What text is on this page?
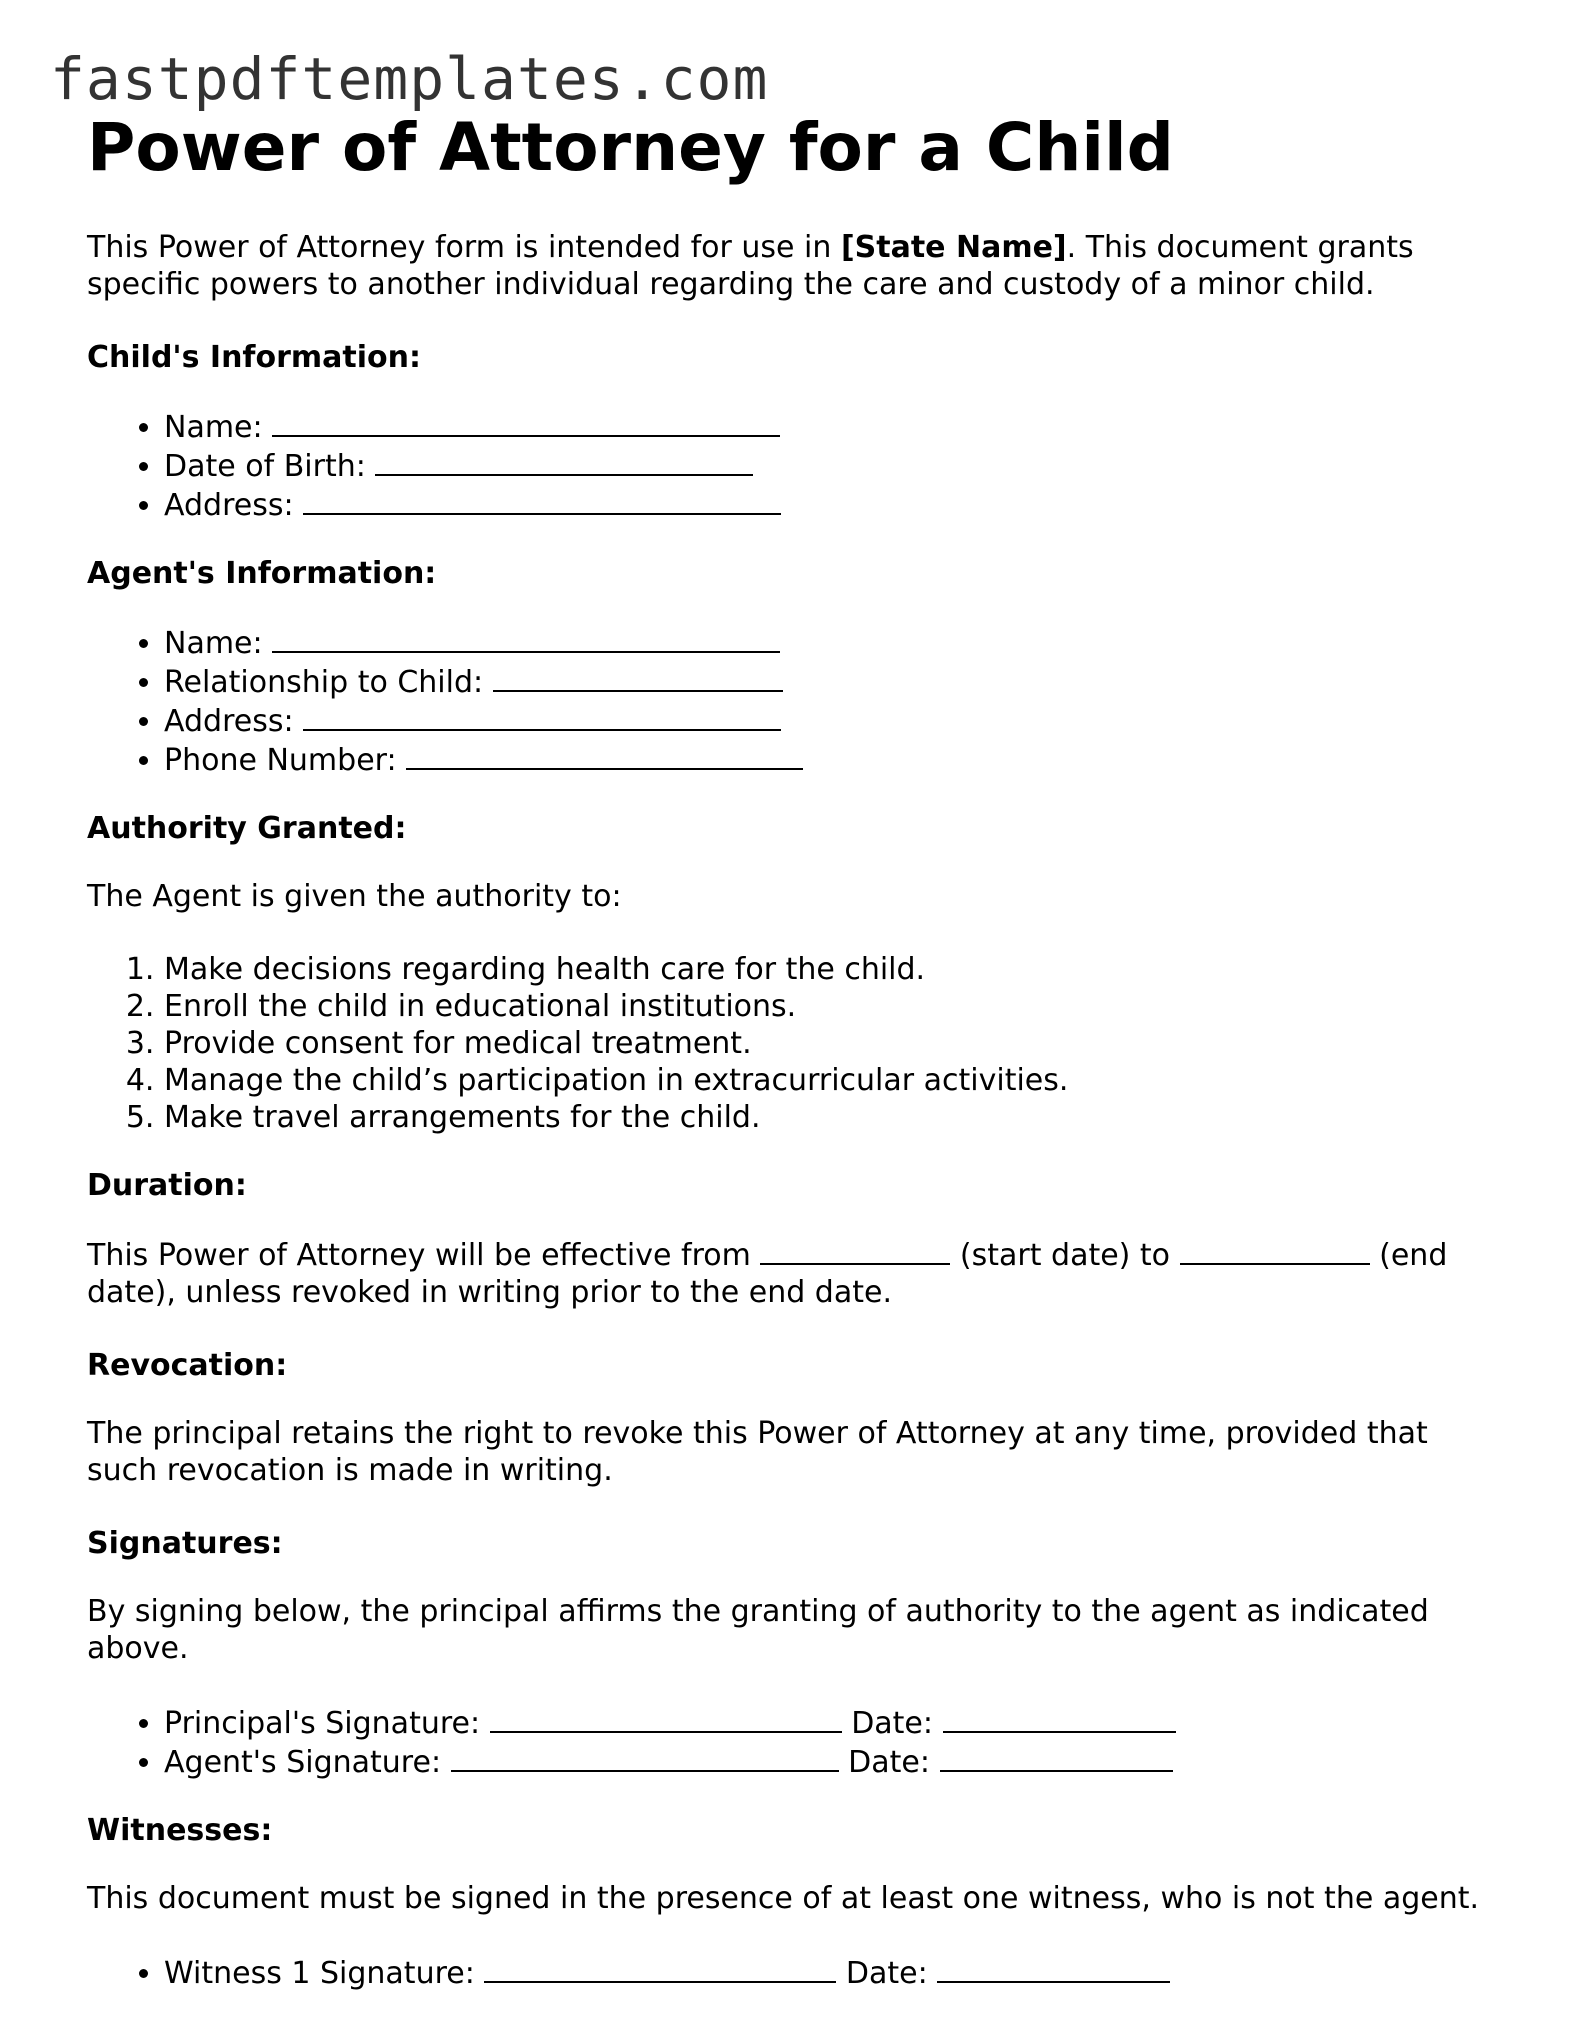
fastpdftemplates.com
Power of Attorney for a Child

This Power of Attorney form is intended for use in [State Name]. This document grants specific powers to another individual regarding the care and custody of a minor child.

Child's Information:
• Name:
• Date of Birth:
• Address:
Agent's Information:
• Name:
• Relationship to Child:
• Address:
• Phone Number:
Authority Granted:

The Agent is given the authority to:

1. Make decisions regarding health care for the child.
2. Enroll the child in educational institutions.
3. Provide consent for medical treatment.
4. Manage the child’s participation in extracurricular activities.
5. Make travel arrangements for the child.
Duration:

This Power of Attorney will be effective from	(start date) to	(end date), unless revoked in writing prior to the end date.

Revocation:

The principal retains the right to revoke this Power of Attorney at any time, provided that such revocation is made in writing.

Signatures:

By signing below, the principal affirms the granting of authority to the agent as indicated above.

• Principal's Signature:	Date:
• Agent's Signature:	Date:
Witnesses:

This document must be signed in the presence of at least one witness, who is not the agent.

• Witness 1 Signature:	Date:
